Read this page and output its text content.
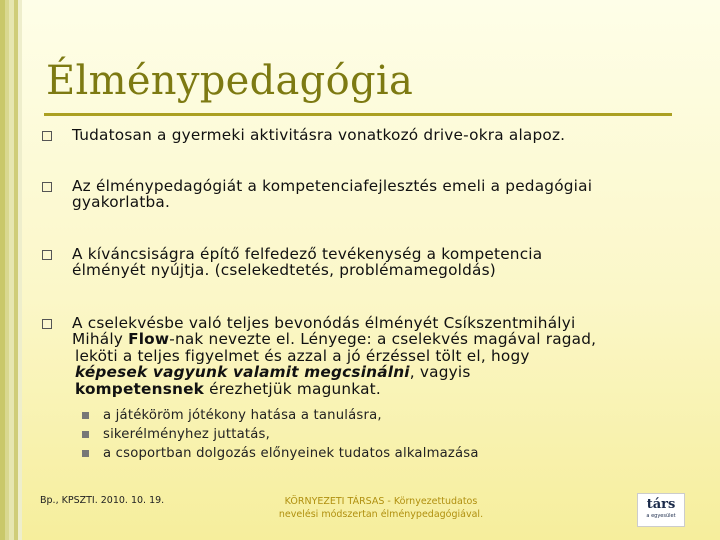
Élménypedagógia
Tudatosan a gyermeki aktivitásra vonatkozó drive-okra alapoz.
Az élménypedagógiát a kompetenciafejlesztés emeli a pedagógiai
gyakorlatba.
A kíváncsiságra építő felfedező tevékenység a kompetencia
élményét nyújtja. (cselekedtetés, problémamegoldás)
A cselekvésbe való teljes bevonódás élményét Csíkszentmihályi
Mihály Flow-nak nevezte el. Lényege: a cselekvés magával ragad,
leköti a teljes figyelmet és azzal a jó érzéssel tölt el, hogy
képesek vagyunk valamit megcsinálni, vagyis
kompetensnek érezhetjük magunkat.
a játéköröm jótékony hatása a tanulásra,
sikerélményhez juttatás,
a csoportban dolgozás előnyeinek tudatos alkalmazása
Bp., KPSZTI. 2010. 10. 19.	KÖRNYEZETI TÁRSAS - Környezettudatos
nevelési módszertan élménypedagógiával.
társ
a egyesület
